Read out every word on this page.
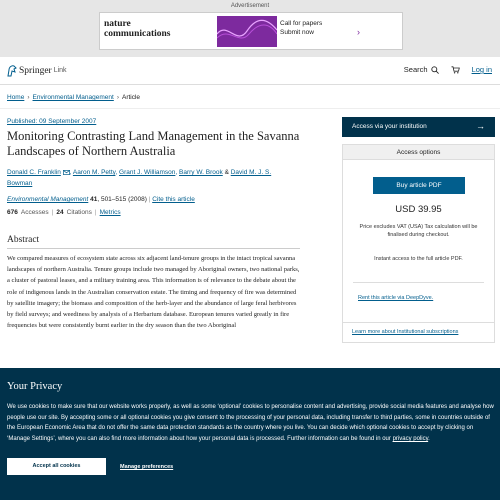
Advertisement
nature
communications
Call for papers
Submit now	›
Springer Link	Search	Log in
Home › Environmental Management › Article
Published: 09 September 2007
Monitoring Contrasting Land Management in the Savanna Landscapes of Northern Australia
Donald C. Franklin , Aaron M. Petty, Grant J. Williamson, Barry W. Brook & David M. J. S. Bowman
Environmental Management 41, 501–515 (2008) | Cite this article
676 Accesses | 24 Citations | Metrics
Abstract

We compared measures of ecosystem state across six adjacent land-tenure groups in the intact tropical savanna landscapes of northern Australia. Tenure groups include two managed by Aboriginal owners, two national parks, a cluster of pastoral leases, and a military training area. This information is of relevance to the debate about the role of indigenous lands in the Australian conservation estate. The timing and frequency of fire was determined by satellite imagery; the biomass and composition of the herb-layer and the abundance of large feral herbivores by field surveys; and weediness by analysis of a Herbarium database. European tenures varied greatly in fire frequencies but were consistently burnt earlier in the dry season than the two Aboriginal

Access via your institution	→
Access options
Buy article PDF
USD 39.95
Price excludes VAT (USA) Tax calculation will be finalised during checkout.
Instant access to the full article PDF.
Rent this article via DeepDyve.
Learn more about Institutional subscriptions
Your Privacy

We use cookies to make sure that our website works properly, as well as some ‘optional’ cookies to personalise content and advertising, provide social media features and analyse how people use our site. By accepting some or all optional cookies you give consent to the processing of your personal data, including transfer to third parties, some in countries outside of the European Economic Area that do not offer the same data protection standards as the country where you live. You can decide which optional cookies to accept by clicking on ‘Manage Settings’, where you can also find more information about how your personal data is processed. Further information can be found in our privacy policy.

Accept all cookies	Manage preferences
